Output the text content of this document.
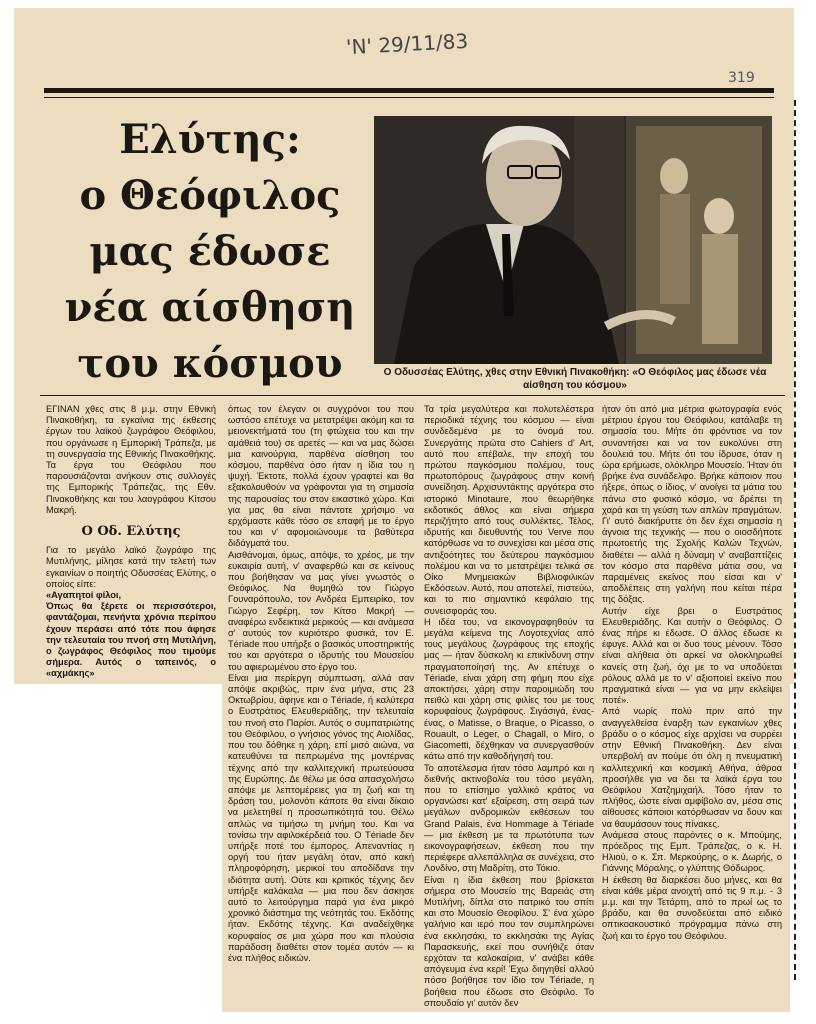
'Ν' 29/11/83
319
Ελύτης:
ο Θεόφιλος
μας έδωσε
νέα αίσθηση
του κόσμου	Ο Οδυσσέας Ελύτης, χθες στην Εθνική Πινακοθήκη: «Ο Θεόφιλος μας έδωσε νέα αίσθηση του κόσμου»

ΕΓΙΝΑΝ χθες στις 8 μ.μ. στην Εθνική Πινακοθήκη, τα εγκαίνια της έκθεσης έργων του λαϊκού ζωγράφου Θεόφιλου, που οργάνωσε η Εμπορική Τράπεζα, με τη συνεργασία της Εθνικής Πινακοθήκης. Τα έργα του Θεόφιλου που παρουσιάζονται ανήκουν στις συλλογές της Εμπορικής Τράπεζας, της Εθν. Πινακοθήκης και του λαογράφου Κίτσου Μακρή.

Ο Οδ. Ελύτης

Για το μεγάλο λαϊκό ζωγράφο της Μυτιλήνης, μίλησε κατά την τελετή των εγκαινίων ο ποιητής Οδυσσέας Ελύτης, ο οποίος είπε:

«Αγαπητοί φίλοι,

Όπως θα ξέρετε οι περισσότεροι, φαντάζομαι, πενήντα χρόνια περίπου έχουν περάσει από τότε που άφησε την τελευταία του πνοή στη Μυτιλήνη, ο ζωγράφος Θεόφιλος που τιμούμε σήμερα. Αυτός ο ταπεινός, ο «αχμάκης»

όπως τον έλεγαν οι συγχρόνοι του που ωστόσο επέτυχε να μετατρέψει ακόμη και τα μειονεκτήματά του (τη φτώχεια του και την αμάθειά του) σε αρετές — και να μας δώσει μια καινούργια, παρθένα αίσθηση του κόσμου, παρθένα όσο ήταν η ίδια του η ψυχή. Έκτοτε, πολλά έχουν γραφτεί και θα εξακολουθούν να γράφονται για τη σημασία της παρουσίας του στον εικαστικό χώρο. Και για μας θα είναι πάντοτε χρήσιμο να ερχόμαστε κάθε τόσο σε επαφή με το έργο του και ν' αφομοιώνουμε τα βαθύτερα διδάγματά του.

Αισθάνομαι, όμως, απόψε, το χρέος, με την ευκαιρία αυτή, ν' αναφερθώ και σε κείνους που βοήθησαν να μας γίνει γνωστός ο Θεόφιλος. Να θυμηθώ τον Γιώργο Γουναρόπουλο, τον Ανδρέα Εμπειρίκο, τον Γιώργο Σεφέρη, τον Κίτσο Μακρή — αναφέρω ενδεικτικά μερικούς — και ανάμεσα σ' αυτούς τον κυριότερο φυσικά, τον Ε. Tériade που υπήρξε ο βασικός υποστηρικτής του και αργότερα ο ιδρυτής του Μουσείου του αφιερωμένου στο έργο του.

Είναι μια περίεργη σύμπτωση, αλλά σαν απόψε ακριβώς, πριν ένα μήνα, στις 23 Οκτωβρίου, άφηνε και ο Tériade, ή καλύτερα ο Ευστράτιος Ελευθεριάδης, την τελευταία του πνοή στο Παρίσι. Αυτός ο συμπατριώτης του Θεόφιλου, ο γνήσιος γόνος της Αιολίδας, που του δόθηκε η χάρη, επί μισό αιώνα, να κατευθύνει τα πεπρωμένα της μοντέρνας τέχνης από την καλλιτεχνική πρωτεύουσα της Ευρώπης. Δε θέλω με όσα απασχολήσω απόψε με λεπτομέρειες για τη ζωή και τη δράση του, μολονότι κάποτε θα είναι δίκαιο να μελετηθεί η προσωπικότητά του. Θέλω απλώς να τιμήσω τη μνήμη του. Και να τονίσω την αφιλοκέρδειά του. Ο Tériade δεν υπήρξε ποτέ του έμπορος. Απεναντίας η οργή του ήταν μεγάλη όταν, από κακή πληροφόρηση, μερικοί του αποδίδανε την ιδιότητα αυτή. Ούτε και κριτικός τέχνης δεν υπήρξε καλάκαλα — μια που δεν άσκησε αυτό το λειτούργημα παρά για ένα μικρό χρονικό διάστημα της νεότητάς του. Εκδότης ήταν. Εκδότης τέχνης. Και αναδείχθηκε κορυφαίος σε μια χώρα που και πλούσια παράδοση διαθέτει στον τομέα αυτόν — κι ένα πλήθος ειδικών.

Τα τρία μεγαλύτερα και πολυτελέστερα περιοδικά τέχνης του κόσμου — είναι συνδεδεμένα με το όνομά του. Συνεργάτης πρώτα στο Cahiers d' Art, αυτό που επέβαλε, την εποχή του πρώτου παγκόσμιου πολέμου, τους πρωτοπόρους ζωγράφους στην κοινή συνείδηση. Αρχισυντάκτης αργότερα στο ιστορικό Minotaure, που θεωρήθηκε εκδοτικός άθλος και είναι σήμερα περιζήτητο από τους συλλέκτες. Τέλος, ιδρυτής και διευθυντής του Verve που κατόρθωσε να το συνεχίσει και μέσα στις αντιξοότητες του δεύτερου παγκόσμιου πολέμου και να το μετατρέψει τελικά σε Οίκο Μνημειακών Βιβλιοφιλικών Εκδόσεων. Αυτό, που αποτελεί, πιστεύω, και το πιο σημαντικό κεφάλαιο της συνεισφοράς του.

Η ιδέα του, να εικονογραφηθούν τα μεγάλα κείμενα της Λογοτεχνίας από τους μεγάλους ζωγράφους της εποχής μας — ήταν δύσκολη κι επικίνδυνη στην πραγματοποίησή της. Αν επέτυχε ο Tériade, είναι χάρη στη φήμη που είχε αποκτήσει, χάρη στην παροιμιώδη του πειθώ και χάρη στις φιλίες του με τους κορυφαίους ζωγράφους. Σιγάσιγά, ένας-ένας, ο Matisse, ο Braque, ο Picasso, ο Rouault, ο Leger, ο Chagall, ο Miro, ο Giacometti, δέχθηκαν να συνεργασθούν κάτω από την καθοδήγησή του.

Το αποτέλεσμα ήταν τόσο λαμπρό και η διεθνής ακτινοβολία του τόσο μεγάλη, που το επίσημο γαλλικό κράτος να οργανώσει κατ' εξαίρεση, στη σειρά των μεγάλων ανδρομικών εκθέσεων του Grand Palais, ένα Hommage à Tériade — μια έκθεση με τα πρωτότυπα των εικονογραφήσεων, έκθεση που την περιέφερε αλλεπάλληλα σε συνέχεια, στο Λονδίνο, στη Μαδρίτη, στο Τόκιο.

Είναι η ίδια έκθεση που βρίσκεται σήμερα στο Μουσείο της Βαρειάς στη Μυτιλήνη, δίπλα στο πατρικό του σπίτι και στο Μουσείο Θεοφίλου. Σ' ένα χώρο γαλήνιο και ιερό που τον συμπληρώνει ένα εκκλησάκι, το εκκλησάκι της Αγίας Παρασκευής, εκεί που συνήθιζε όταν ερχόταν τα καλοκαίρια, ν' ανάβει κάθε απόγευμα ένα κερί! Έχω διηγηθεί αλλού πόσο βοήθησε τον ίδιο τον Tériade, η βοήθεια που έδωσε στο Θεόφιλο. Το σπουδαίο γι' αυτόν δεν

ήταν ότι από μια μέτρια φωτογραφία ενός μέτριου έργου του Θεόφιλου, κατάλαβε τη σημασία του. Μήτε ότι φρόντισε να τον συναντήσει και να τον ευκολύνει στη δουλειά του. Μήτε ότι του ίδρυσε, όταν η ώρα ερήμωσε, ολόκληρο Μουσείο. Ήταν ότι βρήκε ένα συνάδελφο. Βρήκε κάποιον που ήξερε, όπως ο ίδιος, ν' ανοίγει τα μάτια του πάνω στο φυσικό κόσμο, να δρέπει τη χαρά και τη γεύση των απλών πραγμάτων. Γι' αυτό διακήρυττε ότι δεν έχει σημασία η άγνοια της τεχνικής — που ο οιοσδήποτε πρωτοετής της Σχολής Καλών Τεχνών, διαθέτει — αλλά η δύναμη ν' αναβαπτίζεις τον κόσμο στα παρθένα μάτια σου, να παραμένεις εκείνος που είσαι και ν' αποδλέπεις στη γαλήνη που κείται πέρα της δόξας.

Αυτήν είχε βρει ο Ευστράτιος Ελευθεριάδης. Και αυτήν ο Θεόφιλος. Ο ένας πήρε κι έδωσε. Ο άλλος έδωσε κι έφυγε. Αλλά και οι δυο τους μένουν. Τόσο είναι αλήθεια ότι αρκεί να ολοκληρωθεί κανείς στη ζωή, όχι με το να υποδύεται ρόλους αλλά με το ν' αξιοποιεί εκείνο που πραγματικά είναι — για να μην εκλείψει ποτέ».

Από νωρίς πολύ πριν από την αναγγελθείσα έναρξη των εγκαινίων χθες βράδυ ο ο κόσμος είχε αρχίσει να συρρέει στην Εθνική Πινακοθήκη. Δεν είναι υπερβολή αν πούμε ότι όλη η πνευματική καλλιτεχνική και κοσμική Αθήνα, άθροα προσήλθε για να δει τα λαϊκά έργα του Θεόφιλου Χατζημιχαήλ. Τόσο ήταν το πλήθος, ώστε είναι αμφίβολο αν, μέσα στις αίθουσες κάποιοι κατόρθωσαν να δουν και να θαυμάσουν τους πίνακες.

Ανάμεσα στους παρόντες ο κ. Μπούμης, πρόεδρος της Εμπ. Τράπεζας, ο κ. Η. Ηλιού, ο κ. Σπ. Μερκούρης, ο κ. Δωρής, ο Γιάννης Μόραλης, ο γλύπτης Θόδωρος.

Η έκθεση θα διαρκέσει δυο μήνες, και θα είναι κάθε μέρα ανοιχτή από τις 9 π.μ. - 3 μ.μ. και την Τετάρτη, από το πρωί ως το βράδυ, και θα συνοδεύεται από ειδικό οπτικοακουστικό πρόγραμμα πάνω στη ζωή και το έργο του Θεόφιλου.
